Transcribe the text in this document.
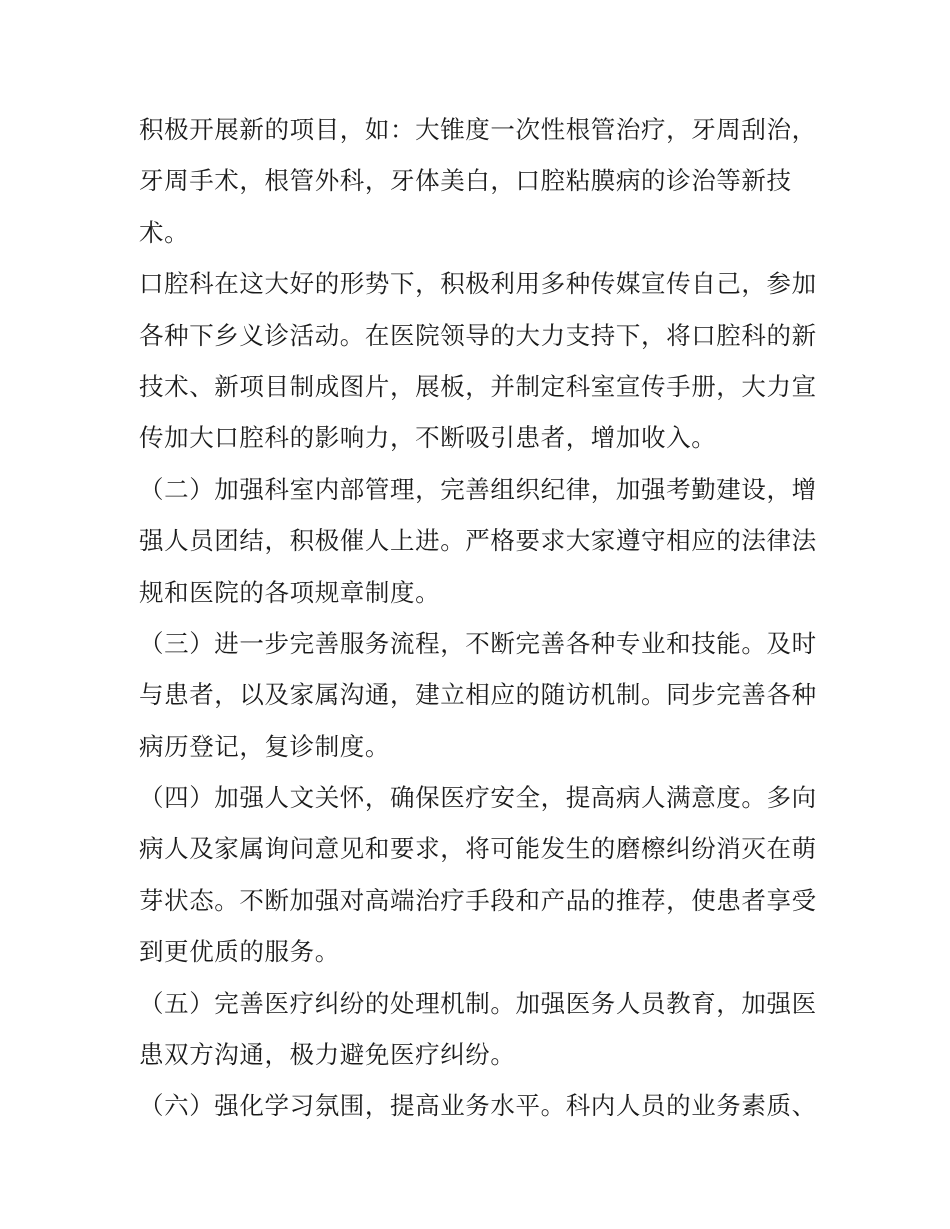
积极开展新的项目，如：大锥度一次性根管治疗，牙周刮治，
牙周手术，根管外科，牙体美白，口腔粘膜病的诊治等新技
术。
口腔科在这大好的形势下，积极利用多种传媒宣传自己，参加
各种下乡义诊活动。在医院领导的大力支持下，将口腔科的新
技术、新项目制成图片，展板，并制定科室宣传手册，大力宣
传加大口腔科的影响力，不断吸引患者，增加收入。
（二）加强科室内部管理，完善组织纪律，加强考勤建设，增
强人员团结，积极催人上进。严格要求大家遵守相应的法律法
规和医院的各项规章制度。
（三）进一步完善服务流程，不断完善各种专业和技能。及时
与患者，以及家属沟通，建立相应的随访机制。同步完善各种
病历登记，复诊制度。
（四）加强人文关怀，确保医疗安全，提高病人满意度。多向
病人及家属询问意见和要求，将可能发生的磨檫纠纷消灭在萌
芽状态。不断加强对高端治疗手段和产品的推荐，使患者享受
到更优质的服务。
（五）完善医疗纠纷的处理机制。加强医务人员教育，加强医
患双方沟通，极力避免医疗纠纷。
（六）强化学习氛围，提高业务水平。科内人员的业务素质、
